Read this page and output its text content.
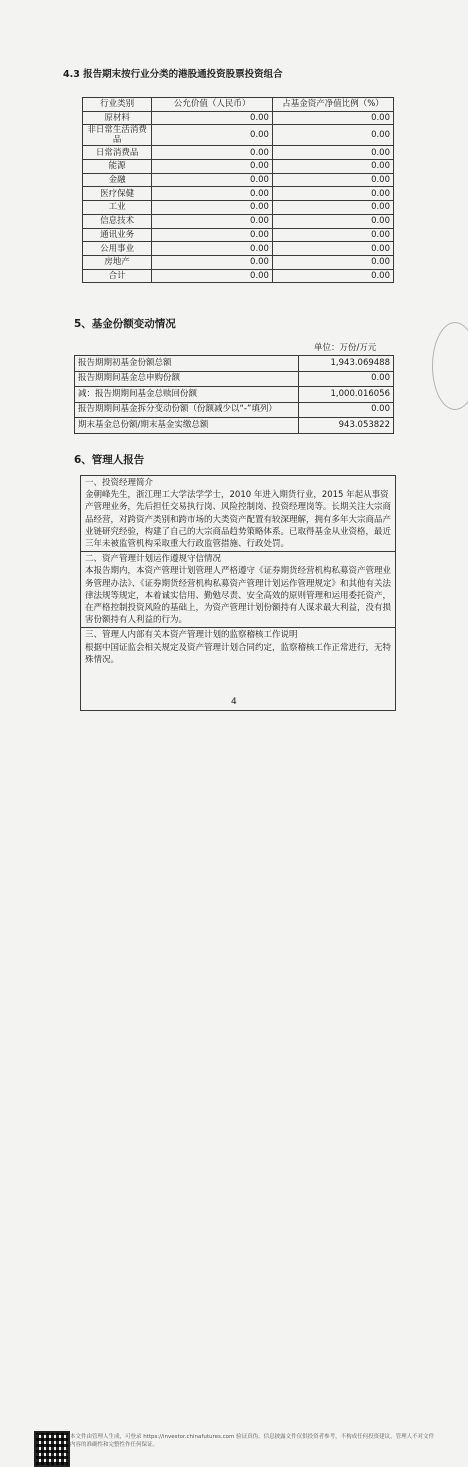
4.3 报告期末按行业分类的港股通投资股票投资组合
行业类别	公允价值（人民币）	占基金资产净值比例（%）
原材料	0.00	0.00
非日常生活消费品	0.00	0.00
日常消费品	0.00	0.00
能源	0.00	0.00
金融	0.00	0.00
医疗保健	0.00	0.00
工业	0.00	0.00
信息技术	0.00	0.00
通讯业务	0.00	0.00
公用事业	0.00	0.00
房地产	0.00	0.00
合计	0.00	0.00
5、基金份额变动情况
单位：万份/万元
报告期期初基金份额总额	1,943.069488
报告期期间基金总申购份额	0.00
减：报告期期间基金总赎回份额	1,000.016056
报告期期间基金拆分变动份额（份额减少以“-”填列）	0.00
期末基金总份额/期末基金实缴总额	943.053822
6、管理人报告
一、投资经理简介
金朝峰先生，浙江理工大学法学学士，2010 年进入期货行业，2015 年起从事资产管理业务，先后担任交易执行岗、风险控制岗、投资经理岗等。长期关注大宗商品经营，对跨资产类别和跨市场的大类资产配置有较深理解，拥有多年大宗商品产业链研究经验，构建了自己的大宗商品趋势策略体系。已取得基金从业资格，最近三年未被监管机构采取重大行政监管措施、行政处罚。
二、资产管理计划运作遵规守信情况
本报告期内，本资产管理计划管理人严格遵守《证券期货经营机构私募资产管理业务管理办法》、《证券期货经营机构私募资产管理计划运作管理规定》和其他有关法律法规等规定，本着诚实信用、勤勉尽责、安全高效的原则管理和运用委托资产，在严格控制投资风险的基础上，为资产管理计划份额持有人谋求最大利益，没有损害份额持有人利益的行为。
三、管理人内部有关本资产管理计划的监察稽核工作说明
根据中国证监会相关规定及资产管理计划合同约定，监察稽核工作正常进行，无特殊情况。
4
本文件由管理人生成，可登录 https://investor.chinafutures.com 验证真伪。信息披露文件仅供投资者参考，不构成任何投资建议，管理人不对文件内容的准确性和完整性作任何保证。
